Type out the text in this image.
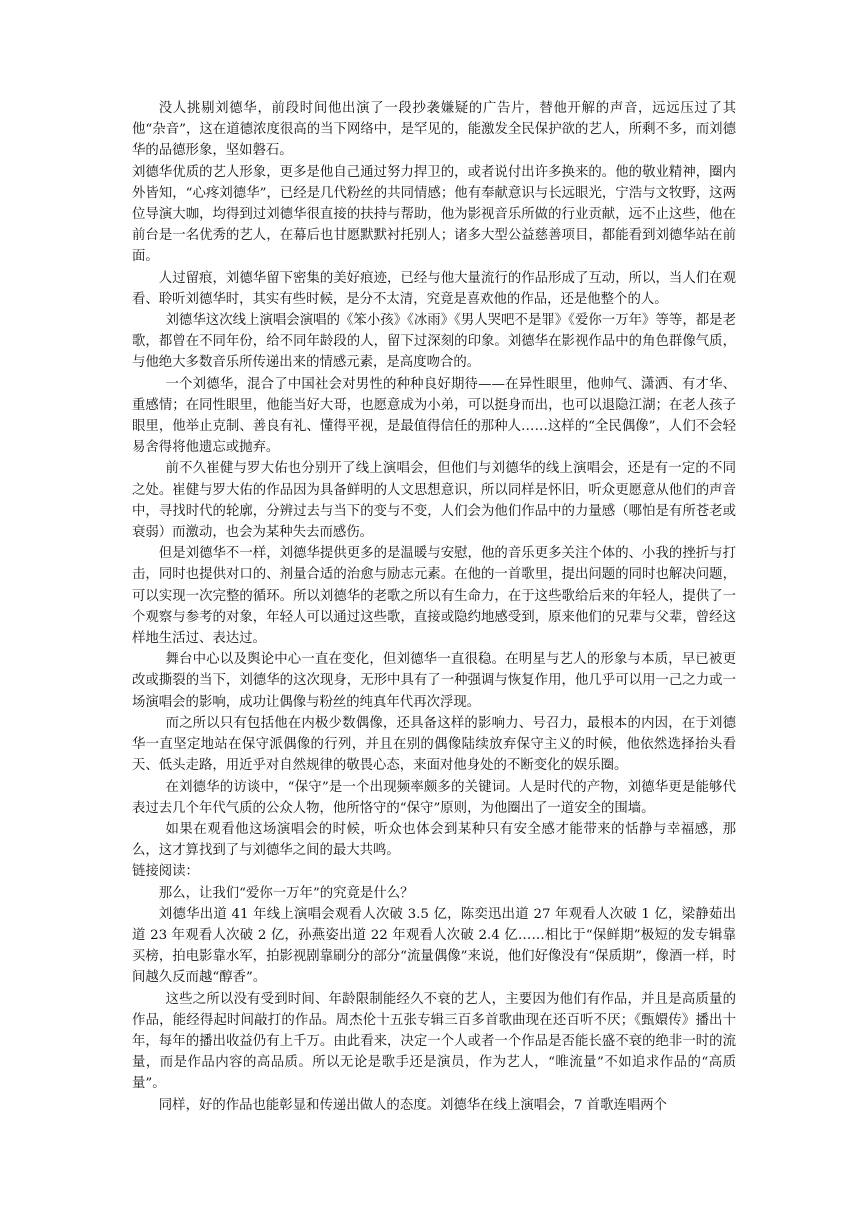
没人挑剔刘德华，前段时间他出演了一段抄袭嫌疑的广告片，替他开解的声音，远远压过了其他“杂音”，这在道德浓度很高的当下网络中，是罕见的，能激发全民保护欲的艺人，所剩不多，而刘德华的品德形象，坚如磐石。

刘德华优质的艺人形象，更多是他自己通过努力捍卫的，或者说付出许多换来的。他的敬业精神，圈内外皆知，“心疼刘德华”，已经是几代粉丝的共同情感；他有奉献意识与长远眼光，宁浩与文牧野，这两位导演大咖，均得到过刘德华很直接的扶持与帮助，他为影视音乐所做的行业贡献，远不止这些，他在前台是一名优秀的艺人，在幕后也甘愿默默衬托别人；诸多大型公益慈善项目，都能看到刘德华站在前面。

人过留痕，刘德华留下密集的美好痕迹，已经与他大量流行的作品形成了互动，所以，当人们在观看、聆听刘德华时，其实有些时候，是分不太清，究竟是喜欢他的作品，还是他整个的人。

刘德华这次线上演唱会演唱的《笨小孩》《冰雨》《男人哭吧不是罪》《爱你一万年》等等，都是老歌，都曾在不同年份，给不同年龄段的人，留下过深刻的印象。刘德华在影视作品中的角色群像气质，与他绝大多数音乐所传递出来的情感元素，是高度吻合的。

一个刘德华，混合了中国社会对男性的种种良好期待——在异性眼里，他帅气、潇洒、有才华、重感情；在同性眼里，他能当好大哥，也愿意成为小弟，可以挺身而出，也可以退隐江湖；在老人孩子眼里，他举止克制、善良有礼、懂得平视，是最值得信任的那种人……这样的“全民偶像”，人们不会轻易舍得将他遗忘或抛弃。

前不久崔健与罗大佑也分别开了线上演唱会，但他们与刘德华的线上演唱会，还是有一定的不同之处。崔健与罗大佑的作品因为具备鲜明的人文思想意识，所以同样是怀旧，听众更愿意从他们的声音中，寻找时代的轮廓，分辨过去与当下的变与不变，人们会为他们作品中的力量感（哪怕是有所苍老或衰弱）而激动，也会为某种失去而感伤。

但是刘德华不一样，刘德华提供更多的是温暖与安慰，他的音乐更多关注个体的、小我的挫折与打击，同时也提供对口的、剂量合适的治愈与励志元素。在他的一首歌里，提出问题的同时也解决问题，可以实现一次完整的循环。所以刘德华的老歌之所以有生命力，在于这些歌给后来的年轻人，提供了一个观察与参考的对象，年轻人可以通过这些歌，直接或隐约地感受到，原来他们的兄辈与父辈，曾经这样地生活过、表达过。

舞台中心以及舆论中心一直在变化，但刘德华一直很稳。在明星与艺人的形象与本质，早已被更改或撕裂的当下，刘德华的这次现身，无形中具有了一种强调与恢复作用，他几乎可以用一己之力或一场演唱会的影响，成功让偶像与粉丝的纯真年代再次浮现。

而之所以只有包括他在内极少数偶像，还具备这样的影响力、号召力，最根本的内因，在于刘德华一直坚定地站在保守派偶像的行列，并且在别的偶像陆续放弃保守主义的时候，他依然选择抬头看天、低头走路，用近乎对自然规律的敬畏心态，来面对他身处的不断变化的娱乐圈。

在刘德华的访谈中，“保守”是一个出现频率颇多的关键词。人是时代的产物，刘德华更是能够代表过去几个年代气质的公众人物，他所恪守的“保守”原则，为他圈出了一道安全的围墙。

如果在观看他这场演唱会的时候，听众也体会到某种只有安全感才能带来的恬静与幸福感，那么，这才算找到了与刘德华之间的最大共鸣。

链接阅读：

那么，让我们“爱你一万年”的究竟是什么？

刘德华出道 41 年线上演唱会观看人次破 3.5 亿，陈奕迅出道 27 年观看人次破 1 亿，梁静茹出道 23 年观看人次破 2 亿，孙燕姿出道 22 年观看人次破 2.4 亿……相比于“保鲜期”极短的发专辑靠买榜，拍电影靠水军，拍影视剧靠刷分的部分“流量偶像”来说，他们好像没有“保质期”，像酒一样，时间越久反而越“醇香”。

这些之所以没有受到时间、年龄限制能经久不衰的艺人，主要因为他们有作品，并且是高质量的作品，能经得起时间敲打的作品。周杰伦十五张专辑三百多首歌曲现在还百听不厌；《甄嬛传》播出十年，每年的播出收益仍有上千万。由此看来，决定一个人或者一个作品是否能长盛不衰的绝非一时的流量，而是作品内容的高品质。所以无论是歌手还是演员，作为艺人，“唯流量”不如追求作品的“高质量”。

同样，好的作品也能彰显和传递出做人的态度。刘德华在线上演唱会，7 首歌连唱两个
